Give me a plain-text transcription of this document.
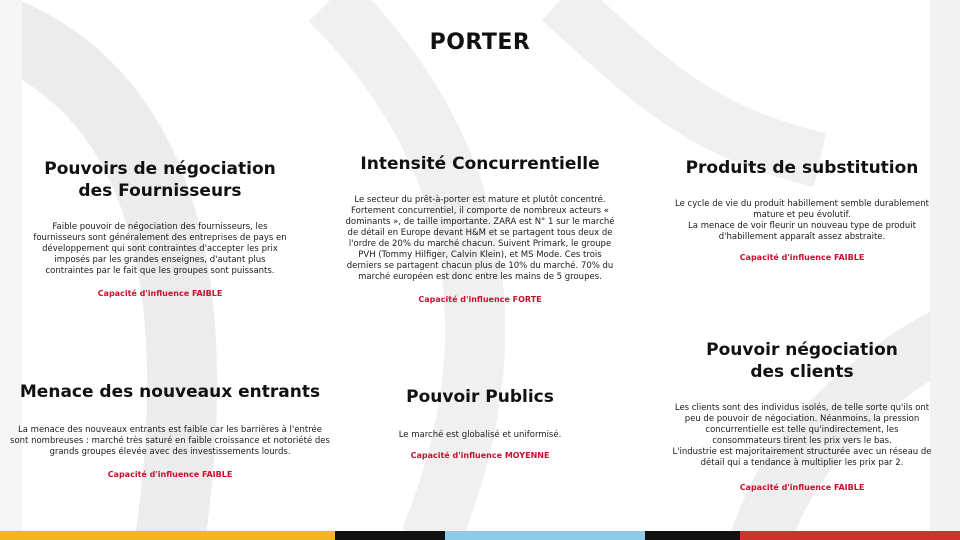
PORTER
Pouvoirs de négociation
des Fournisseurs

Faible pouvoir de négociation des fournisseurs, les fournisseurs sont généralement des entreprises de pays en développement qui sont contraintes d'accepter les prix imposés par les grandes enseignes, d'autant plus contraintes par le fait que les groupes sont puissants.

Capacité d'influence FAIBLE
Intensité Concurrentielle

Le secteur du prêt-à-porter est mature et plutôt concentré. Fortement concurrentiel, il comporte de nombreux acteurs « dominants », de taille importante. ZARA est N° 1 sur le marché de détail en Europe devant H&M et se partagent tous deux de l'ordre de 20% du marché chacun. Suivent Primark, le groupe PVH (Tommy Hilfiger, Calvin Klein), et MS Mode. Ces trois derniers se partagent chacun plus de 10% du marché. 70% du marché européen est donc entre les mains de 5 groupes.

Capacité d'influence FORTE
Produits de substitution

Le cycle de vie du produit habillement semble durablement mature et peu évolutif.
La menace de voir fleurir un nouveau type de produit d'habillement apparaît assez abstraite.

Capacité d'influence FAIBLE
Menace des nouveaux entrants

La menace des nouveaux entrants est faible car les barrières à l'entrée sont nombreuses : marché très saturé en faible croissance et notoriété des grands groupes élevée avec des investissements lourds.

Capacité d'influence FAIBLE
Pouvoir Publics

Le marché est globalisé et uniformisé.

Capacité d'influence MOYENNE
Pouvoir négociation
des clients

Les clients sont des individus isolés, de telle sorte qu'ils ont peu de pouvoir de négociation. Néanmoins, la pression concurrentielle est telle qu'indirectement, les consommateurs tirent les prix vers le bas.
L'industrie est majoritairement structurée avec un réseau de détail qui a tendance à multiplier les prix par 2.

Capacité d'influence FAIBLE
